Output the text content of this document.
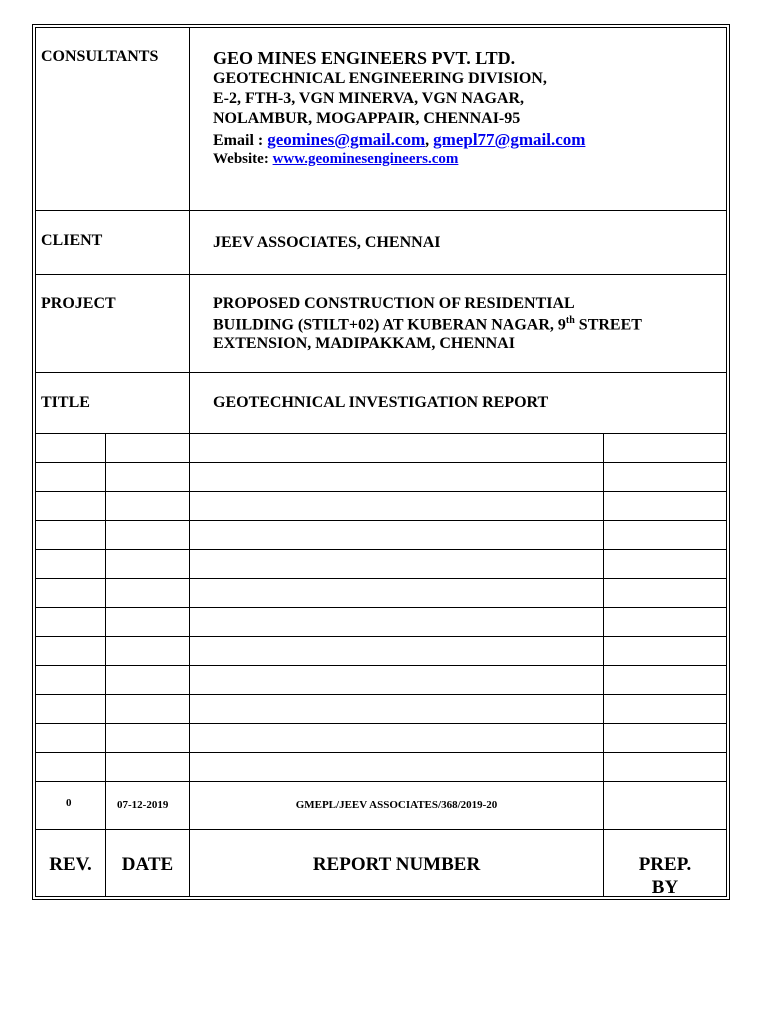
CONSULTANTS	GEO MINES ENGINEERS PVT. LTD.
GEOTECHNICAL ENGINEERING DIVISION,
E-2, FTH-3, VGN MINERVA, VGN NAGAR,
NOLAMBUR, MOGAPPAIR, CHENNAI-95
Email : geomines@gmail.com, gmepl77@gmail.com
Website: www.geominesengineers.com
CLIENT	JEEV ASSOCIATES, CHENNAI
PROJECT	PROPOSED CONSTRUCTION OF RESIDENTIAL
BUILDING (STILT+02) AT KUBERAN NAGAR, 9th STREET
EXTENSION, MADIPAKKAM, CHENNAI
TITLE	GEOTECHNICAL INVESTIGATION REPORT
0	07-12-2019	GMEPL/JEEV ASSOCIATES/368/2019-20
REV.	DATE	REPORT NUMBER	PREP.
BY
